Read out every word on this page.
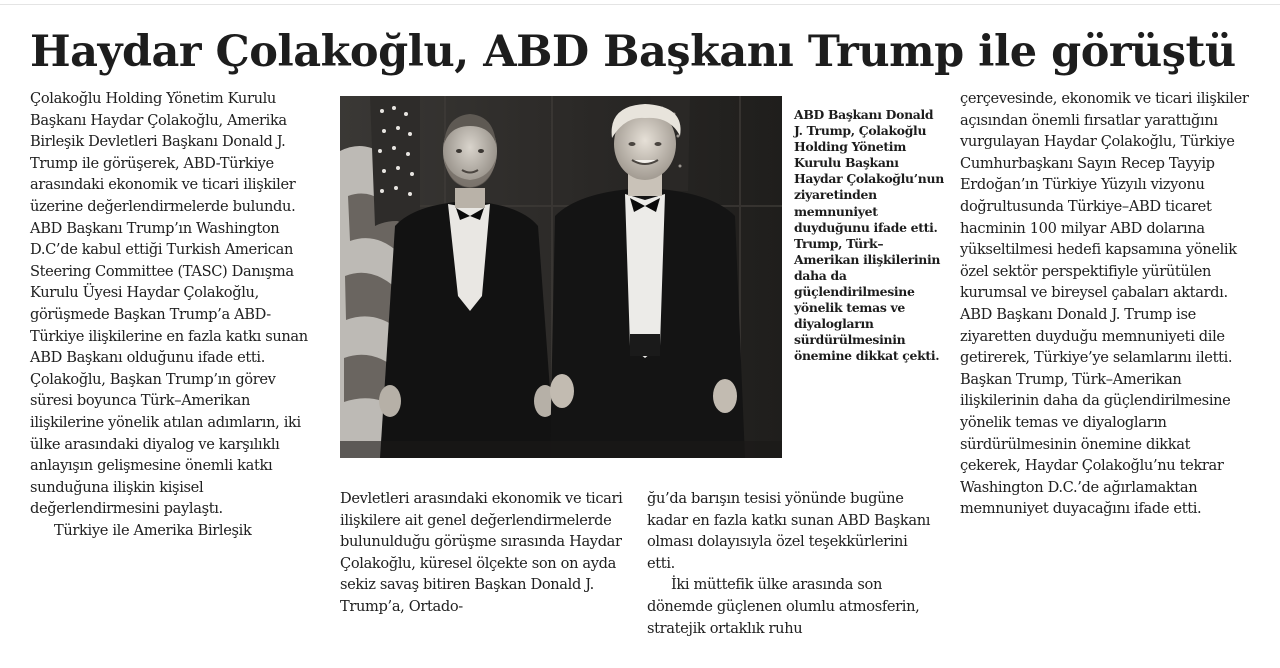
Haydar Çolakoğlu, ABD Başkanı Trump ile görüştü

Çolakoğlu Holding Yönetim Kurulu Başkanı Haydar Çolakoğlu, Amerika Birleşik Devletleri Başkanı Donald J. Trump ile görüşerek, ABD-Türkiye arasındaki ekonomik ve ticari ilişkiler üzerine değerlendirmelerde bulundu. ABD Başkanı Trump’ın Washington D.C’de kabul ettiği Turkish American Steering Committee (TASC) Danışma Kurulu Üyesi Haydar Çolakoğlu, görüşmede Başkan Trump’a ABD-Türkiye ilişkilerine en fazla katkı sunan ABD Başkanı olduğunu ifade etti. Çolakoğlu, Başkan Trump’ın görev süresi boyunca Türk–Amerikan ilişkilerine yönelik atılan adımların, iki ülke arasındaki diyalog ve karşılıklı anlayışın gelişmesine önemli katkı sunduğuna ilişkin kişisel değerlendirmesini paylaştı.

Türkiye ile Amerika Birleşik

ABD Başkanı Donald J. Trump, Çolakoğlu Holding Yönetim Kurulu Başkanı Haydar Çolakoğlu’nun ziyaretinden memnuniyet duyduğunu ifade etti. Trump, Türk–Amerikan ilişkilerinin daha da güçlendirilmesine yönelik temas ve diyalogların sürdürülmesinin önemine dikkat çekti.

Devletleri arasındaki ekonomik ve ticari ilişkilere ait genel değerlendirmelerde bulunulduğu görüşme sırasında Haydar Çolakoğlu, küresel ölçekte son on ayda sekiz savaş bitiren Başkan Donald J. Trump’a, Ortado-

ğu’da barışın tesisi yönünde bugüne kadar en fazla katkı sunan ABD Başkanı olması dolayısıyla özel teşekkürlerini etti.

İki müttefik ülke arasında son dönemde güçlenen olumlu atmosferin, stratejik ortaklık ruhu

çerçevesinde, ekonomik ve ticari ilişkiler açısından önemli fırsatlar yarattığını vurgulayan Haydar Çolakoğlu, Türkiye Cumhurbaşkanı Sayın Recep Tayyip Erdoğan’ın Türkiye Yüzyılı vizyonu doğrultusunda Türkiye–ABD ticaret hacminin 100 milyar ABD dolarına yükseltilmesi hedefi kapsamına yönelik özel sektör perspektifiyle yürütülen kurumsal ve bireysel çabaları aktardı. ABD Başkanı Donald J. Trump ise ziyaretten duyduğu memnuniyeti dile getirerek, Türkiye’ye selamlarını iletti. Başkan Trump, Türk–Amerikan ilişkilerinin daha da güçlendirilmesine yönelik temas ve diyalogların sürdürülmesinin önemine dikkat çekerek, Haydar Çolakoğlu’nu tekrar Washington D.C.’de ağırlamaktan memnuniyet duyacağını ifade etti.
